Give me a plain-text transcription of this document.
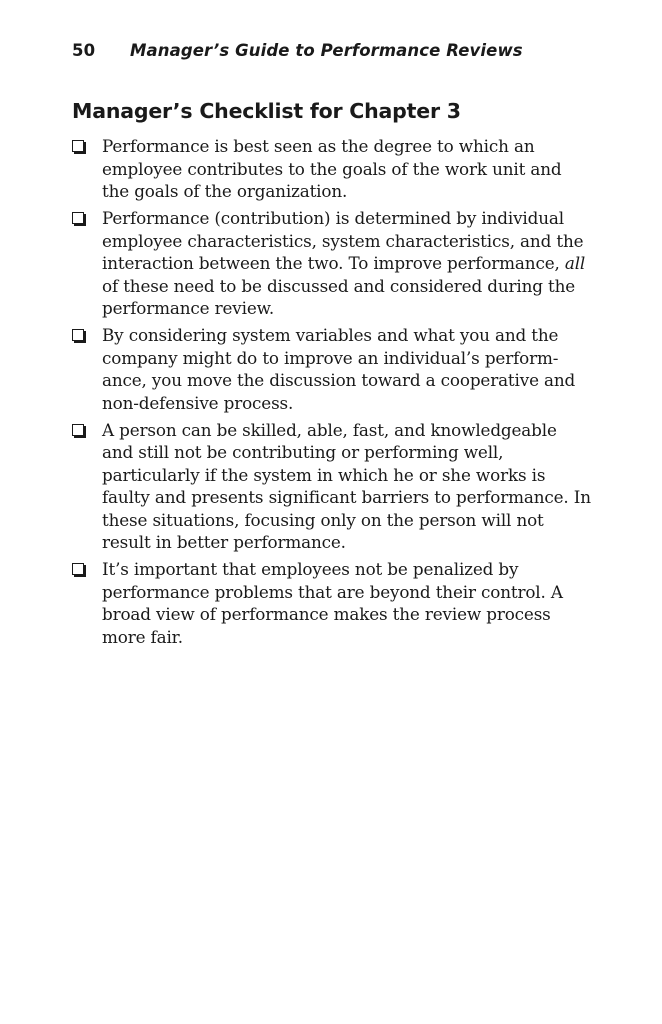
50 Manager’s Guide to Performance Reviews
Manager’s Checklist for Chapter 3
Performance is best seen as the degree to which an employee contributes to the goals of the work unit and the goals of the organization.
Performance (contribution) is determined by individual employee characteristics, system characteristics, and the interaction between the two. To improve performance, all of these need to be discussed and considered during the performance review.
By considering system variables and what you and the company might do to improve an individual’s performance, you move the discussion toward a cooperative and non-defensive process.
A person can be skilled, able, fast, and knowledgeable and still not be contributing or performing well, particularly if the system in which he or she works is faulty and presents significant barriers to performance. In these situations, focusing only on the person will not result in better performance.
It’s important that employees not be penalized by performance problems that are beyond their control. A broad view of performance makes the review process more fair.
